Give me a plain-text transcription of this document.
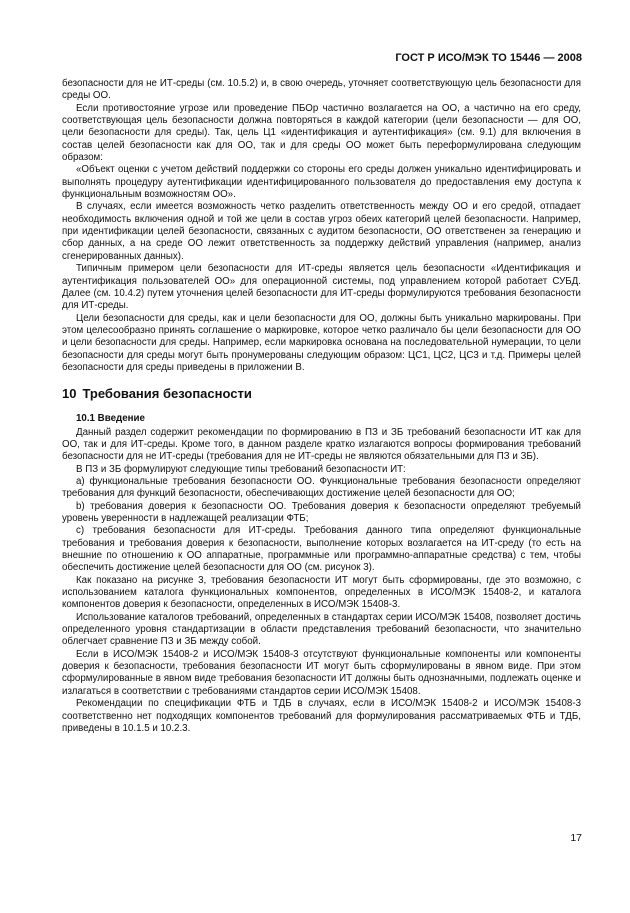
ГОСТ Р ИСО/МЭК ТО 15446 — 2008

безопасности для не ИТ-среды (см. 10.5.2) и, в свою очередь, уточняет соответствующую цель безопасности для среды ОО.

Если противостояние угрозе или проведение ПБОр частично возлагается на ОО, а частично на его среду, соответствующая цель безопасности должна повторяться в каждой категории (цели безопасности — для ОО, цели безопасности для среды). Так, цель Ц1 «идентификация и аутентификация» (см. 9.1) для включения в состав целей безопасности как для ОО, так и для среды ОО может быть переформулирована следующим образом:

«Объект оценки с учетом действий поддержки со стороны его среды должен уникально идентифицировать и выполнять процедуру аутентификации идентифицированного пользователя до предоставления ему доступа к функциональным возможностям ОО».

В случаях, если имеется возможность четко разделить ответственность между ОО и его средой, отпадает необходимость включения одной и той же цели в состав угроз обеих категорий целей безопасности. Например, при идентификации целей безопасности, связанных с аудитом безопасности, ОО ответственен за генерацию и сбор данных, а на среде ОО лежит ответственность за поддержку действий управления (например, анализ сгенерированных данных).

Типичным примером цели безопасности для ИТ-среды является цель безопасности «Идентификация и аутентификация пользователей ОО» для операционной системы, под управлением которой работает СУБД. Далее (см. 10.4.2) путем уточнения целей безопасности для ИТ-среды формулируются требования безопасности для ИТ-среды.

Цели безопасности для среды, как и цели безопасности для ОО, должны быть уникально маркированы. При этом целесообразно принять соглашение о маркировке, которое четко различало бы цели безопасности для ОО и цели безопасности для среды. Например, если маркировка основана на последовательной нумерации, то цели безопасности для среды могут быть пронумерованы следующим образом: ЦС1, ЦС2, ЦС3 и т.д. Примеры целей безопасности для среды приведены в приложении В.

10 Требования безопасности
10.1 Введение

Данный раздел содержит рекомендации по формированию в ПЗ и ЗБ требований безопасности ИТ как для ОО, так и для ИТ-среды. Кроме того, в данном разделе кратко излагаются вопросы формирования требований безопасности для не ИТ-среды (требования для не ИТ-среды не являются обязательными для ПЗ и ЗБ).

В ПЗ и ЗБ формулируют следующие типы требований безопасности ИТ:

а) функциональные требования безопасности ОО. Функциональные требования безопасности определяют требования для функций безопасности, обеспечивающих достижение целей безопасности для ОО;

b) требования доверия к безопасности ОО. Требования доверия к безопасности определяют требуемый уровень уверенности в надлежащей реализации ФТБ;

с) требования безопасности для ИТ-среды. Требования данного типа определяют функциональные требования и требования доверия к безопасности, выполнение которых возлагается на ИТ-среду (то есть на внешние по отношению к ОО аппаратные, программные или программно-аппаратные средства) с тем, чтобы обеспечить достижение целей безопасности для ОО (см. рисунок 3).

Как показано на рисунке 3, требования безопасности ИТ могут быть сформированы, где это возможно, с использованием каталога функциональных компонентов, определенных в ИСО/МЭК 15408-2, и каталога компонентов доверия к безопасности, определенных в ИСО/МЭК 15408-3.

Использование каталогов требований, определенных в стандартах серии ИСО/МЭК 15408, позволяет достичь определенного уровня стандартизации в области представления требований безопасности, что значительно облегчает сравнение ПЗ и ЗБ между собой.

Если в ИСО/МЭК 15408-2 и ИСО/МЭК 15408-3 отсутствуют функциональные компоненты или компоненты доверия к безопасности, требования безопасности ИТ могут быть сформулированы в явном виде. При этом сформулированные в явном виде требования безопасности ИТ должны быть однозначными, подлежать оценке и излагаться в соответствии с требованиями стандартов серии ИСО/МЭК 15408.

Рекомендации по спецификации ФТБ и ТДБ в случаях, если в ИСО/МЭК 15408-2 и ИСО/МЭК 15408-3 соответственно нет подходящих компонентов требований для формулирования рассматриваемых ФТБ и ТДБ, приведены в 10.1.5 и 10.2.3.

17
